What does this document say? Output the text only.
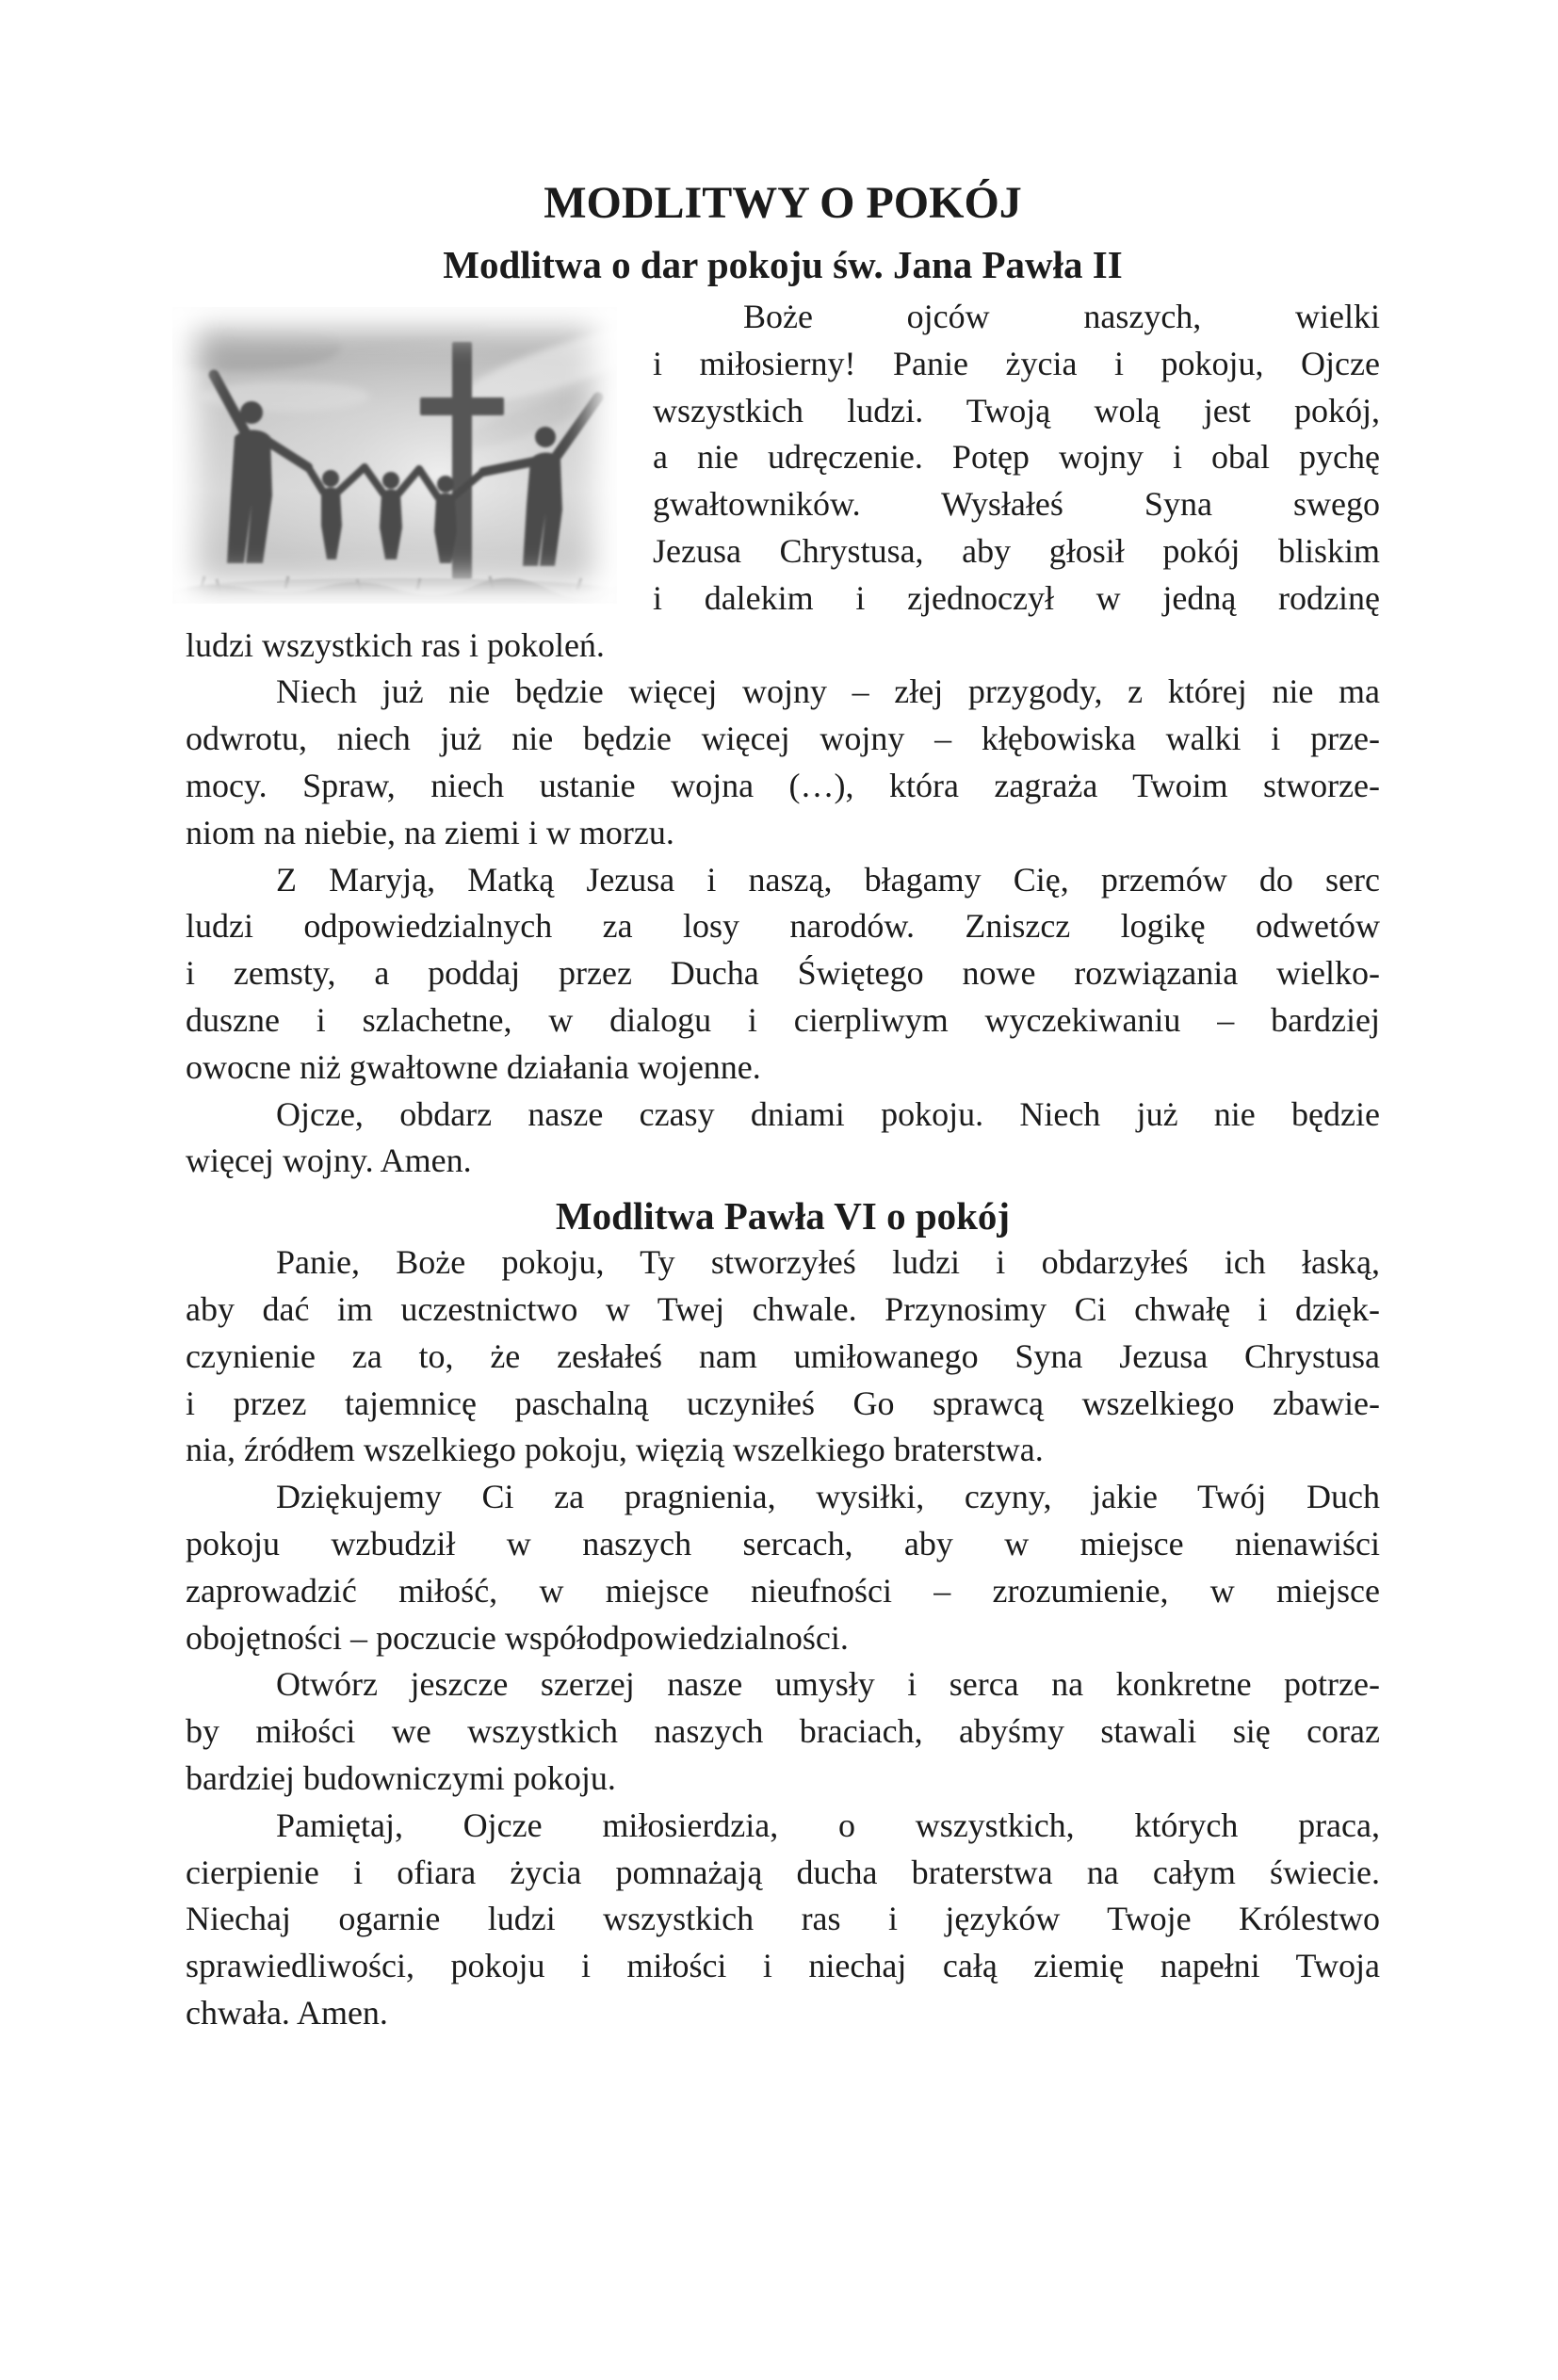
MODLITWY O POKÓJ
Modlitwa o dar pokoju św. Jana Pawła II
Boże ojców naszych, wielki
i miłosierny! Panie życia i pokoju, Ojcze
wszystkich ludzi. Twoją wolą jest pokój,
a nie udręczenie. Potęp wojny i obal pychę
gwałtowników. Wysłałeś Syna swego
Jezusa Chrystusa, aby głosił pokój bliskim
i dalekim i zjednoczył w jedną rodzinę
ludzi wszystkich ras i pokoleń.
Niech już nie będzie więcej wojny – złej przygody, z której nie ma
odwrotu, niech już nie będzie więcej wojny – kłębowiska walki i prze-
mocy. Spraw, niech ustanie wojna (…), która zagraża Twoim stworze-
niom na niebie, na ziemi i w morzu.
Z Maryją, Matką Jezusa i naszą, błagamy Cię, przemów do serc
ludzi odpowiedzialnych za losy narodów. Zniszcz logikę odwetów
i zemsty, a poddaj przez Ducha Świętego nowe rozwiązania wielko-
duszne i szlachetne, w dialogu i cierpliwym wyczekiwaniu – bardziej
owocne niż gwałtowne działania wojenne.
Ojcze, obdarz nasze czasy dniami pokoju. Niech już nie będzie
więcej wojny. Amen.
Modlitwa Pawła VI o pokój
Panie, Boże pokoju, Ty stworzyłeś ludzi i obdarzyłeś ich łaską,
aby dać im uczestnictwo w Twej chwale. Przynosimy Ci chwałę i dzięk-
czynienie za to, że zesłałeś nam umiłowanego Syna Jezusa Chrystusa
i przez tajemnicę paschalną uczyniłeś Go sprawcą wszelkiego zbawie-
nia, źródłem wszelkiego pokoju, więzią wszelkiego braterstwa.
Dziękujemy Ci za pragnienia, wysiłki, czyny, jakie Twój Duch
pokoju wzbudził w naszych sercach, aby w miejsce nienawiści
zaprowadzić miłość, w miejsce nieufności – zrozumienie, w miejsce
obojętności – poczucie współodpowiedzialności.
Otwórz jeszcze szerzej nasze umysły i serca na konkretne potrze-
by miłości we wszystkich naszych braciach, abyśmy stawali się coraz
bardziej budowniczymi pokoju.
Pamiętaj, Ojcze miłosierdzia, o wszystkich, których praca,
cierpienie i ofiara życia pomnażają ducha braterstwa na całym świecie.
Niechaj ogarnie ludzi wszystkich ras i języków Twoje Królestwo
sprawiedliwości, pokoju i miłości i niechaj całą ziemię napełni Twoja
chwała. Amen.
